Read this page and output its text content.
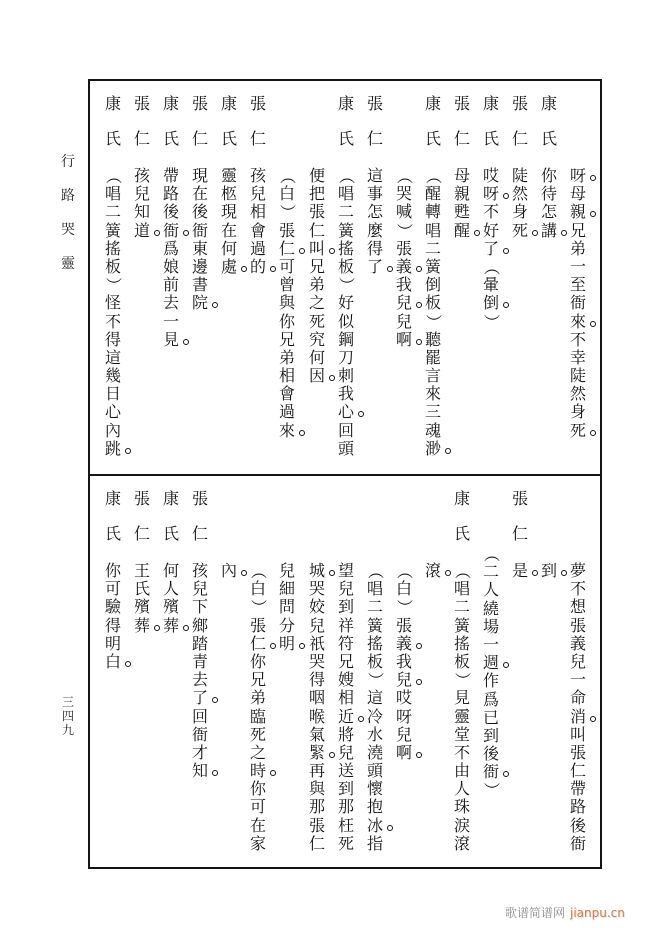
行
路
哭
靈
三
四
九
呀
母
親
兄
弟
一
至
衙
來
不
幸
陡
然
身
死
康
氏
你
待
怎
講
張
仁
陡
然
身
死
康
氏
哎
呀
不
好
了
（
暈
倒
）
張
仁
母
親
甦
醒
康
氏
（
醒
轉
唱
二
簧
倒
板
）
聽
罷
言
來
三
魂
渺
（
哭
喊
）
張
義
我
兒
兒
啊
張
仁
這
事
怎
麼
得
了
康
氏
（
唱
二
簧
搖
板
）
好
似
鋼
刀
刺
我
心
回
頭
便
把
張
仁
叫
兄
弟
之
死
究
何
因
（
白
）
張
仁
可
曾
與
你
兄
弟
相
會
過
來
張
仁
孩
兒
相
會
過
的
康
氏
靈
柩
現
在
何
處
張
仁
現
在
後
衙
東
邊
書
院
康
氏
帶
路
後
衙
爲
娘
前
去
一
見
張
仁
孩
兒
知
道
康
氏
（
唱
二
簧
搖
板
）
怪
不
得
這
幾
日
心
內
跳
夢
不
想
張
義
兒
一
命
消
叫
張
仁
帶
路
後
衙
到
張
仁
是
（
二
人
繞
場
一
週
作
爲
已
到
後
衙
）
康
氏
（
唱
二
簧
搖
板
）
見
靈
堂
不
由
人
珠
淚
滾
滾
（
白
）
張
義
我
兒
哎
呀
兒
啊
（
唱
二
簧
搖
板
）
這
冷
水
澆
頭
懷
抱
冰
指
望
兒
到
祥
符
兄
嫂
相
近
將
兒
送
到
那
枉
死
城
哭
姣
兒
祇
哭
得
咽
喉
氣
緊
再
與
那
張
仁
兒
細
問
分
明
（
白
）
張
仁
你
兄
弟
臨
死
之
時
你
可
在
家
內
張
仁
孩
兒
下
鄉
踏
青
去
了
回
衙
才
知
康
氏
何
人
殯
葬
張
仁
王
氏
殯
葬
康
氏
你
可
驗
得
明
白
歌谱简谱网 jianpu.cn
